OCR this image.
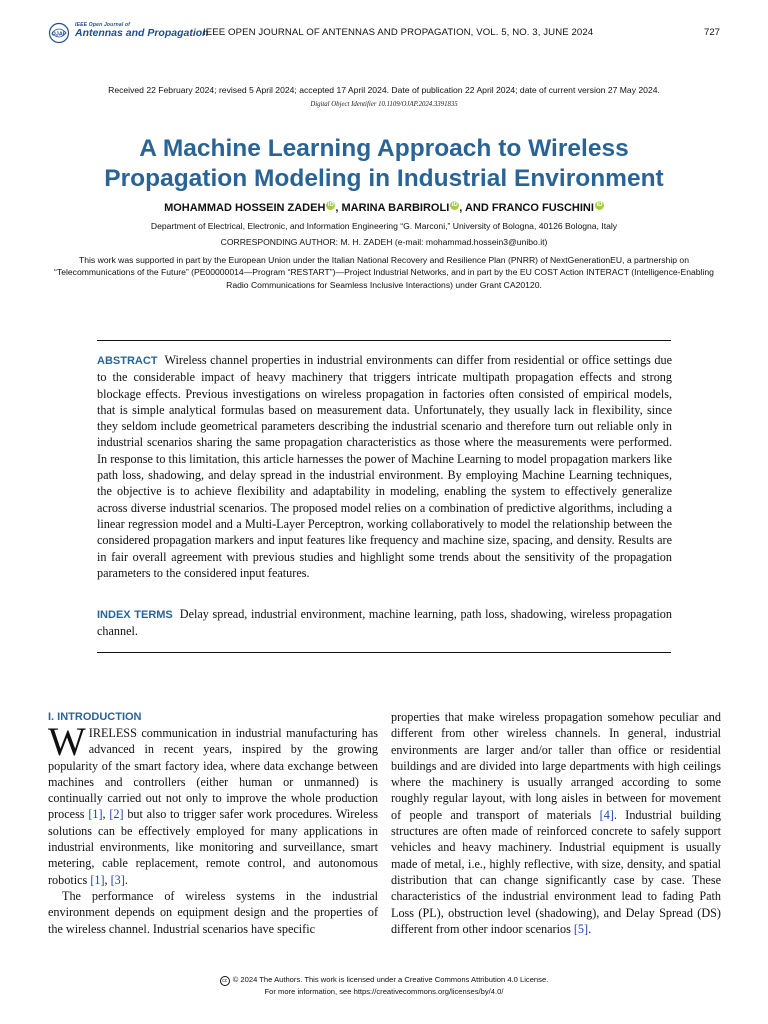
OJAP
IEEE Open Journal of
Antennas and Propagation
IEEE OPEN JOURNAL OF ANTENNAS AND PROPAGATION, VOL. 5, NO. 3, JUNE 2024	727
Received 22 February 2024; revised 5 April 2024; accepted 17 April 2024. Date of publication 22 April 2024; date of current version 27 May 2024.
Digital Object Identifier 10.1109/OJAP.2024.3391835
A Machine Learning Approach to Wireless
Propagation Modeling in Industrial Environment
MOHAMMAD HOSSEIN ZADEH iD , MARINA BARBIROLI iD , AND FRANCO FUSCHINI iD
Department of Electrical, Electronic, and Information Engineering “G. Marconi,” University of Bologna, 40126 Bologna, Italy
CORRESPONDING AUTHOR: M. H. ZADEH (e-mail: mohammad.hossein3@unibo.it)
This work was supported in part by the European Union under the Italian National Recovery and Resilience Plan (PNRR) of NextGenerationEU, a partnership on “Telecommunications of the Future” (PE00000014—Program “RESTART”)—Project Industrial Networks, and in part by the EU COST Action INTERACT (Intelligence-Enabling Radio Communications for Seamless Inclusive Interactions) under Grant CA20120.
ABSTRACT Wireless channel properties in industrial environments can differ from residential or office settings due to the considerable impact of heavy machinery that triggers intricate multipath propagation effects and strong blockage effects. Previous investigations on wireless propagation in factories often consisted of empirical models, that is simple analytical formulas based on measurement data. Unfortunately, they usually lack in flexibility, since they seldom include geometrical parameters describing the industrial scenario and therefore turn out reliable only in industrial scenarios sharing the same propagation characteristics as those where the measurements were performed. In response to this limitation, this article harnesses the power of Machine Learning to model propagation markers like path loss, shadowing, and delay spread in the industrial environment. By employing Machine Learning techniques, the objective is to achieve flexibility and adaptability in modeling, enabling the system to effectively generalize across diverse industrial scenarios. The proposed model relies on a combination of predictive algorithms, including a linear regression model and a Multi-Layer Perceptron, working collaboratively to model the relationship between the considered propagation markers and input features like frequency and machine size, spacing, and density. Results are in fair overall agreement with previous studies and highlight some trends about the sensitivity of the propagation parameters to the considered input features.
INDEX TERMS Delay spread, industrial environment, machine learning, path loss, shadowing, wireless propagation channel.
I. INTRODUCTION

WIRELESS communication in industrial manufacturing has advanced in recent years, inspired by the growing popularity of the smart factory idea, where data exchange between machines and controllers (either human or unmanned) is continually carried out not only to improve the whole production process [1], [2] but also to trigger safer work procedures. Wireless solutions can be effectively employed for many applications in industrial environments, like monitoring and surveillance, smart metering, cable replacement, remote control, and autonomous robotics [1], [3].

The performance of wireless systems in the industrial environment depends on equipment design and the properties of the wireless channel. Industrial scenarios have specific

properties that make wireless propagation somehow peculiar and different from other wireless channels. In general, industrial environments are larger and/or taller than office or residential buildings and are divided into large departments with high ceilings where the machinery is usually arranged according to some roughly regular layout, with long aisles in between for movement of people and transport of materials [4]. Industrial building structures are often made of reinforced concrete to safely support vehicles and heavy machinery. Industrial equipment is usually made of metal, i.e., highly reflective, with size, density, and spatial distribution that can change significantly case by case. These characteristics of the industrial environment lead to fading Path Loss (PL), obstruction level (shadowing), and Delay Spread (DS) different from other indoor scenarios [5].

cc © 2024 The Authors. This work is licensed under a Creative Commons Attribution 4.0 License.
For more information, see https://creativecommons.org/licenses/by/4.0/
